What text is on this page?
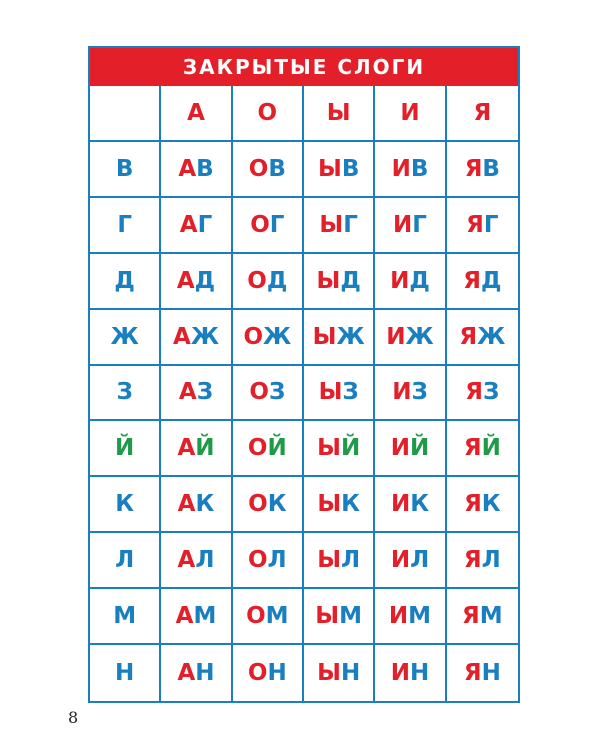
ЗАКРЫТЫЕ СЛОГИ
А О Ы И Я
В А В О В Ы В И В Я В
Г А Г О Г Ы Г И Г Я Г
Д А Д О Д Ы Д И Д Я Д
Ж А Ж О Ж Ы Ж И Ж Я Ж
З А З О З Ы З И З Я З
Й А Й О Й Ы Й И Й Я Й
К А К О К Ы К И К Я К
Л А Л О Л Ы Л И Л Я Л
М А М О М Ы М И М Я М
Н А Н О Н Ы Н И Н Я Н
8
